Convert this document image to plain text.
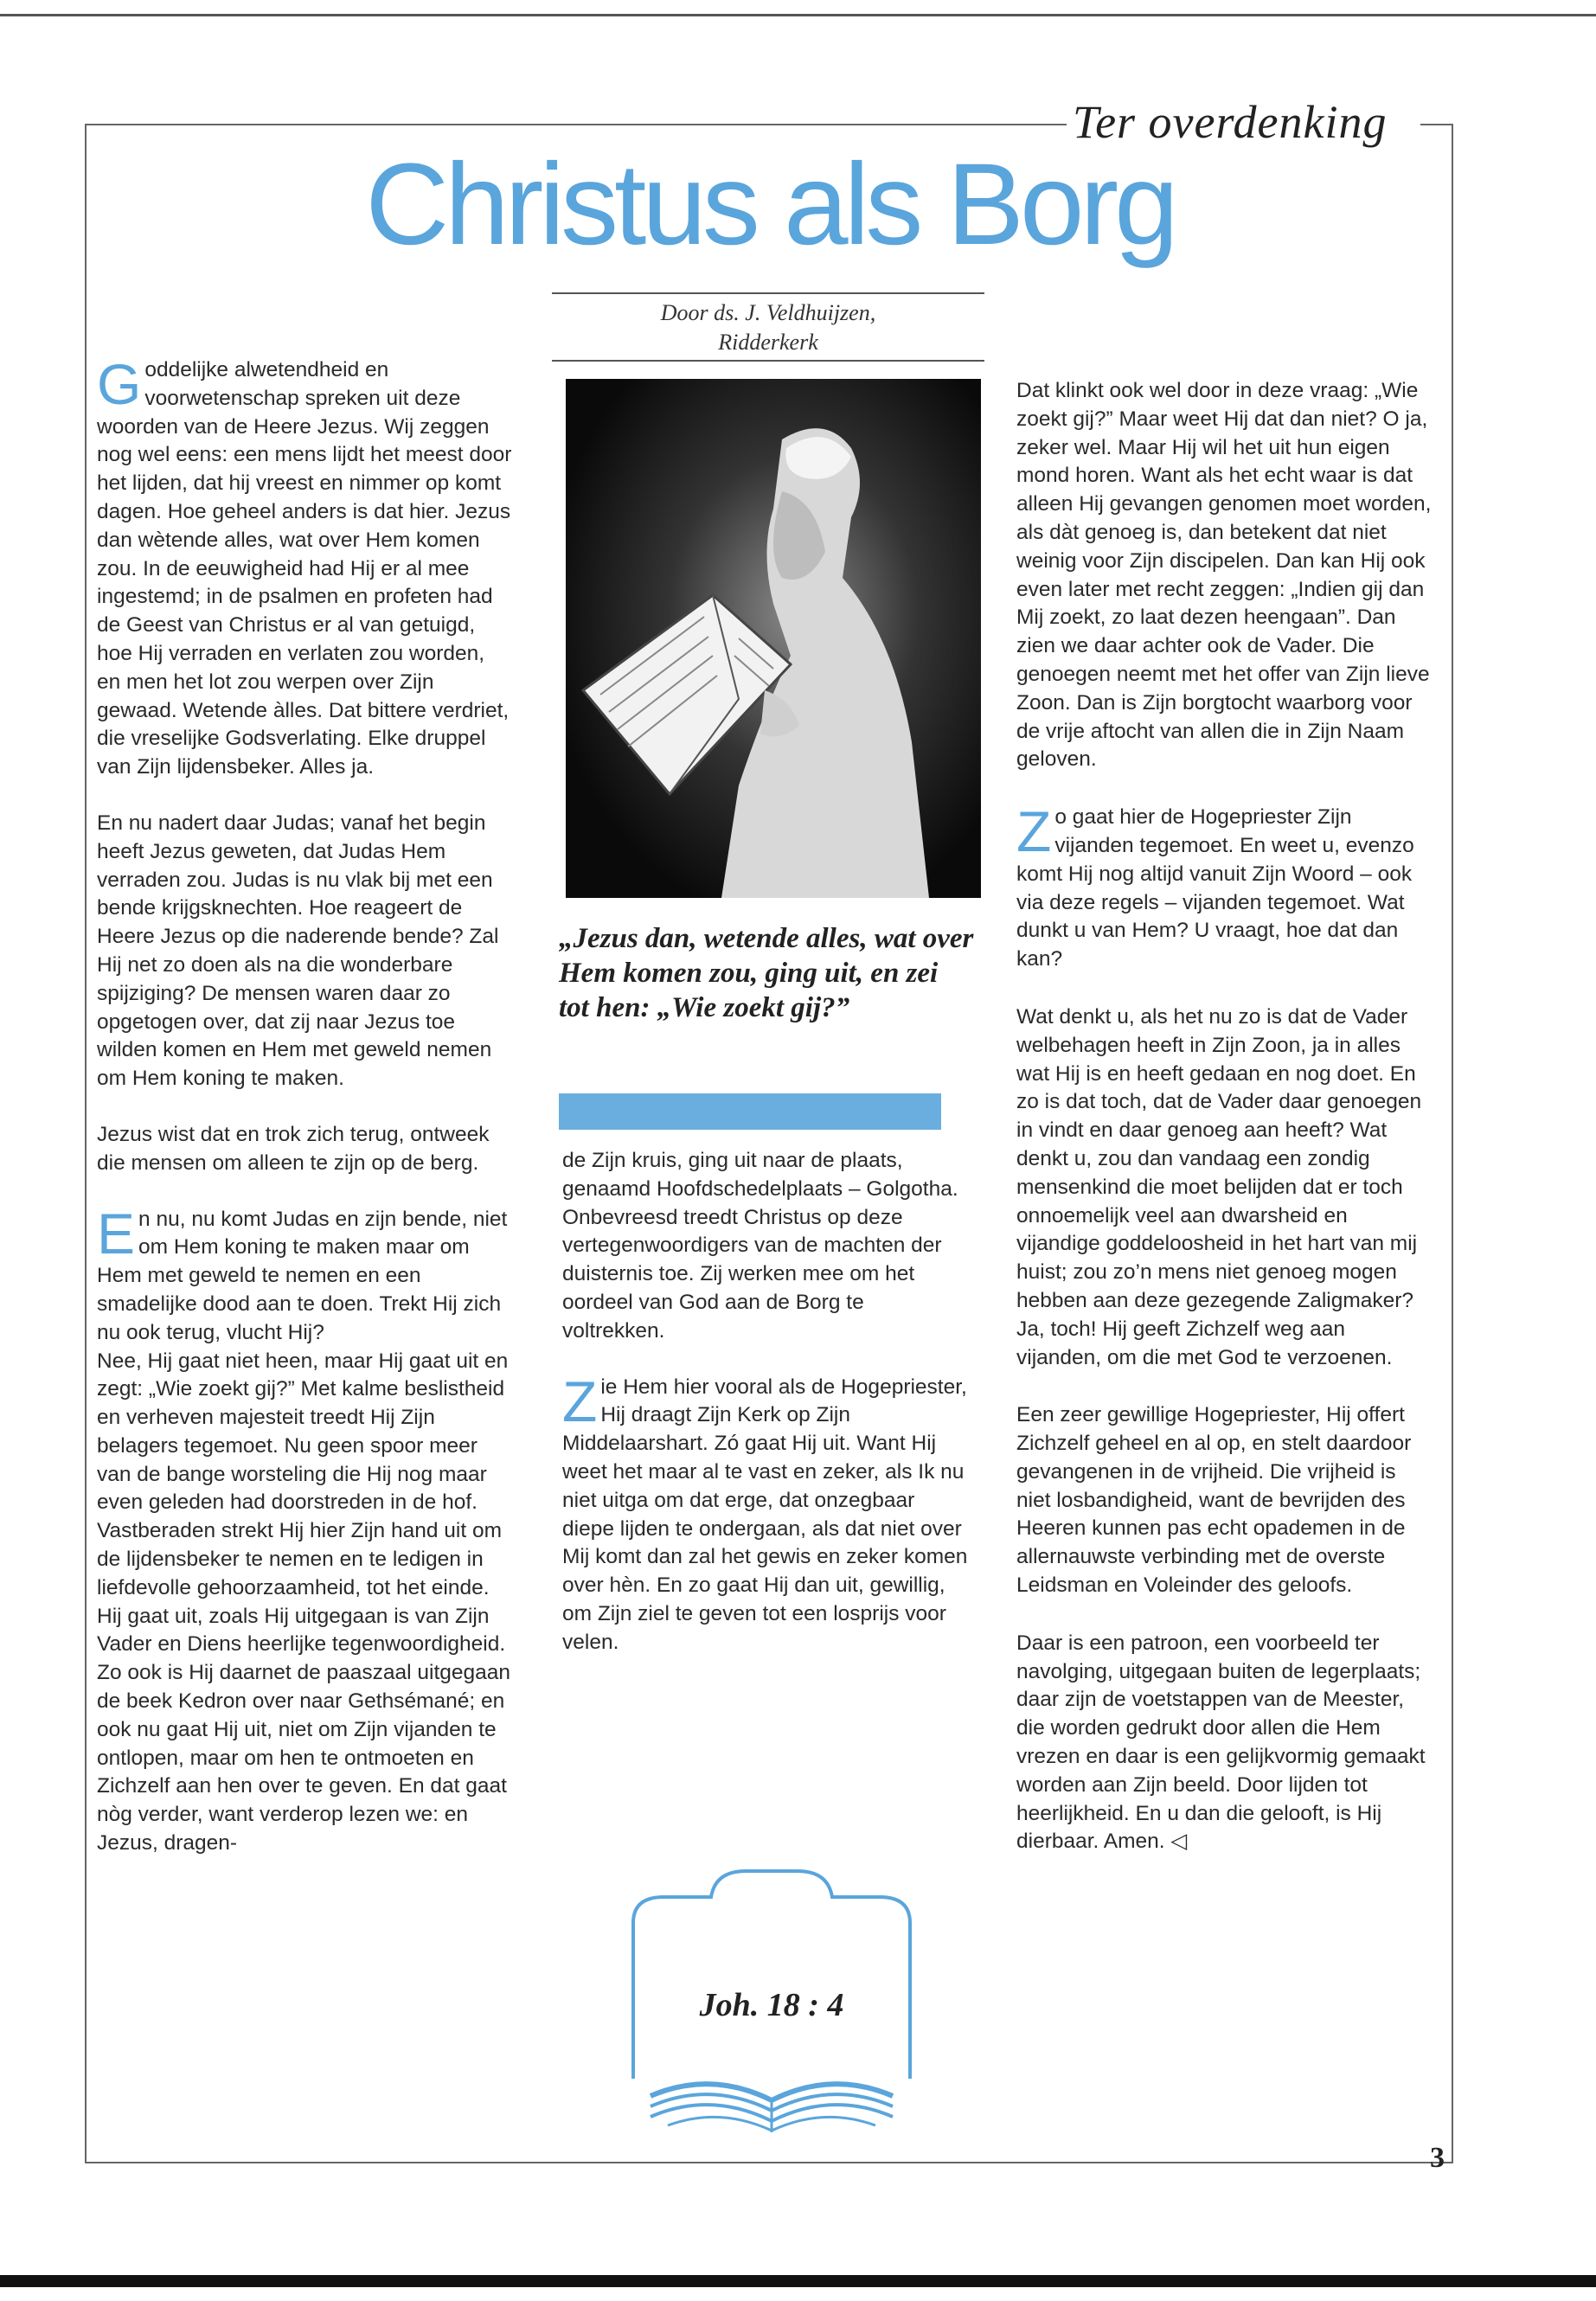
Ter overdenking
Christus als Borg
Door ds. J. Veldhuijzen,
Ridderkerk

Goddelijke alwetendheid en voorwetenschap spreken uit deze woorden van de Heere Jezus. Wij zeggen nog wel eens: een mens lijdt het meest door het lijden, dat hij vreest en nimmer op komt dagen. Hoe geheel anders is dat hier. Jezus dan wètende alles, wat over Hem komen zou. In de eeuwigheid had Hij er al mee ingestemd; in de psalmen en profeten had de Geest van Christus er al van getuigd, hoe Hij verraden en verlaten zou worden, en men het lot zou werpen over Zijn gewaad. Wetende àlles. Dat bittere verdriet, die vreselijke Godsverlating. Elke druppel van Zijn lijdensbeker. Alles ja.

En nu nadert daar Judas; vanaf het begin heeft Jezus geweten, dat Judas Hem verraden zou. Judas is nu vlak bij met een bende krijgsknechten. Hoe reageert de Heere Jezus op die naderende bende? Zal Hij net zo doen als na die wonderbare spijziging? De mensen waren daar zo opgetogen over, dat zij naar Jezus toe wilden komen en Hem met geweld nemen om Hem koning te maken.

Jezus wist dat en trok zich terug, ontweek die mensen om alleen te zijn op de berg.

En nu, nu komt Judas en zijn bende, niet om Hem koning te maken maar om Hem met geweld te nemen en een smadelijke dood aan te doen. Trekt Hij zich nu ook terug, vlucht Hij?

Nee, Hij gaat niet heen, maar Hij gaat uit en zegt: „Wie zoekt gij?” Met kalme beslistheid en verheven majesteit treedt Hij Zijn belagers tegemoet. Nu geen spoor meer van de bange worsteling die Hij nog maar even geleden had doorstreden in de hof. Vastberaden strekt Hij hier Zijn hand uit om de lijdensbeker te nemen en te ledigen in liefdevolle gehoorzaamheid, tot het einde.

Hij gaat uit, zoals Hij uitgegaan is van Zijn Vader en Diens heerlijke tegenwoordigheid. Zo ook is Hij daarnet de paaszaal uitgegaan de beek Kedron over naar Gethsémané; en ook nu gaat Hij uit, niet om Zijn vijanden te ontlopen, maar om hen te ontmoeten en Zichzelf aan hen over te geven. En dat gaat nòg verder, want verderop lezen we: en Jezus, dragen-

„Jezus dan, wetende alles, wat over Hem komen zou, ging uit, en zei tot hen: „Wie zoekt gij?”

de Zijn kruis, ging uit naar de plaats, genaamd Hoofdschedelplaats – Golgotha.

Onbevreesd treedt Christus op deze vertegenwoordigers van de machten der duisternis toe. Zij werken mee om het oordeel van God aan de Borg te voltrekken.

Zie Hem hier vooral als de Hogepriester, Hij draagt Zijn Kerk op Zijn Middelaarshart. Zó gaat Hij uit. Want Hij weet het maar al te vast en zeker, als Ik nu niet uitga om dat erge, dat onzegbaar diepe lijden te ondergaan, als dat niet over Mij komt dan zal het gewis en zeker komen over hèn. En zo gaat Hij dan uit, gewillig, om Zijn ziel te geven tot een losprijs voor velen.

Joh. 18 : 4

Dat klinkt ook wel door in deze vraag: „Wie zoekt gij?” Maar weet Hij dat dan niet? O ja, zeker wel. Maar Hij wil het uit hun eigen mond horen. Want als het echt waar is dat alleen Hij gevangen genomen moet worden, als dàt genoeg is, dan betekent dat niet weinig voor Zijn discipelen. Dan kan Hij ook even later met recht zeggen: „Indien gij dan Mij zoekt, zo laat dezen heengaan”. Dan zien we daar achter ook de Vader. Die genoegen neemt met het offer van Zijn lieve Zoon. Dan is Zijn borgtocht waarborg voor de vrije aftocht van allen die in Zijn Naam geloven.

Zo gaat hier de Hogepriester Zijn vijanden tegemoet. En weet u, evenzo komt Hij nog altijd vanuit Zijn Woord – ook via deze regels – vijanden tegemoet. Wat dunkt u van Hem? U vraagt, hoe dat dan kan?

Wat denkt u, als het nu zo is dat de Vader welbehagen heeft in Zijn Zoon, ja in alles wat Hij is en heeft gedaan en nog doet. En zo is dat toch, dat de Vader daar genoegen in vindt en daar genoeg aan heeft? Wat denkt u, zou dan vandaag een zondig mensenkind die moet belijden dat er toch onnoemelijk veel aan dwarsheid en vijandige goddeloosheid in het hart van mij huist; zou zo’n mens niet genoeg mogen hebben aan deze gezegende Zaligmaker? Ja, toch! Hij geeft Zichzelf weg aan vijanden, om die met God te verzoenen.

Een zeer gewillige Hogepriester, Hij offert Zichzelf geheel en al op, en stelt daardoor gevangenen in de vrijheid. Die vrijheid is niet losbandigheid, want de bevrijden des Heeren kunnen pas echt opademen in de allernauwste verbinding met de overste Leidsman en Voleinder des geloofs.

Daar is een patroon, een voorbeeld ter navolging, uitgegaan buiten de legerplaats; daar zijn de voetstappen van de Meester, die worden gedrukt door allen die Hem vrezen en daar is een gelijkvormig gemaakt worden aan Zijn beeld. Door lijden tot heerlijkheid. En u dan die gelooft, is Hij dierbaar. Amen. ◁

3
